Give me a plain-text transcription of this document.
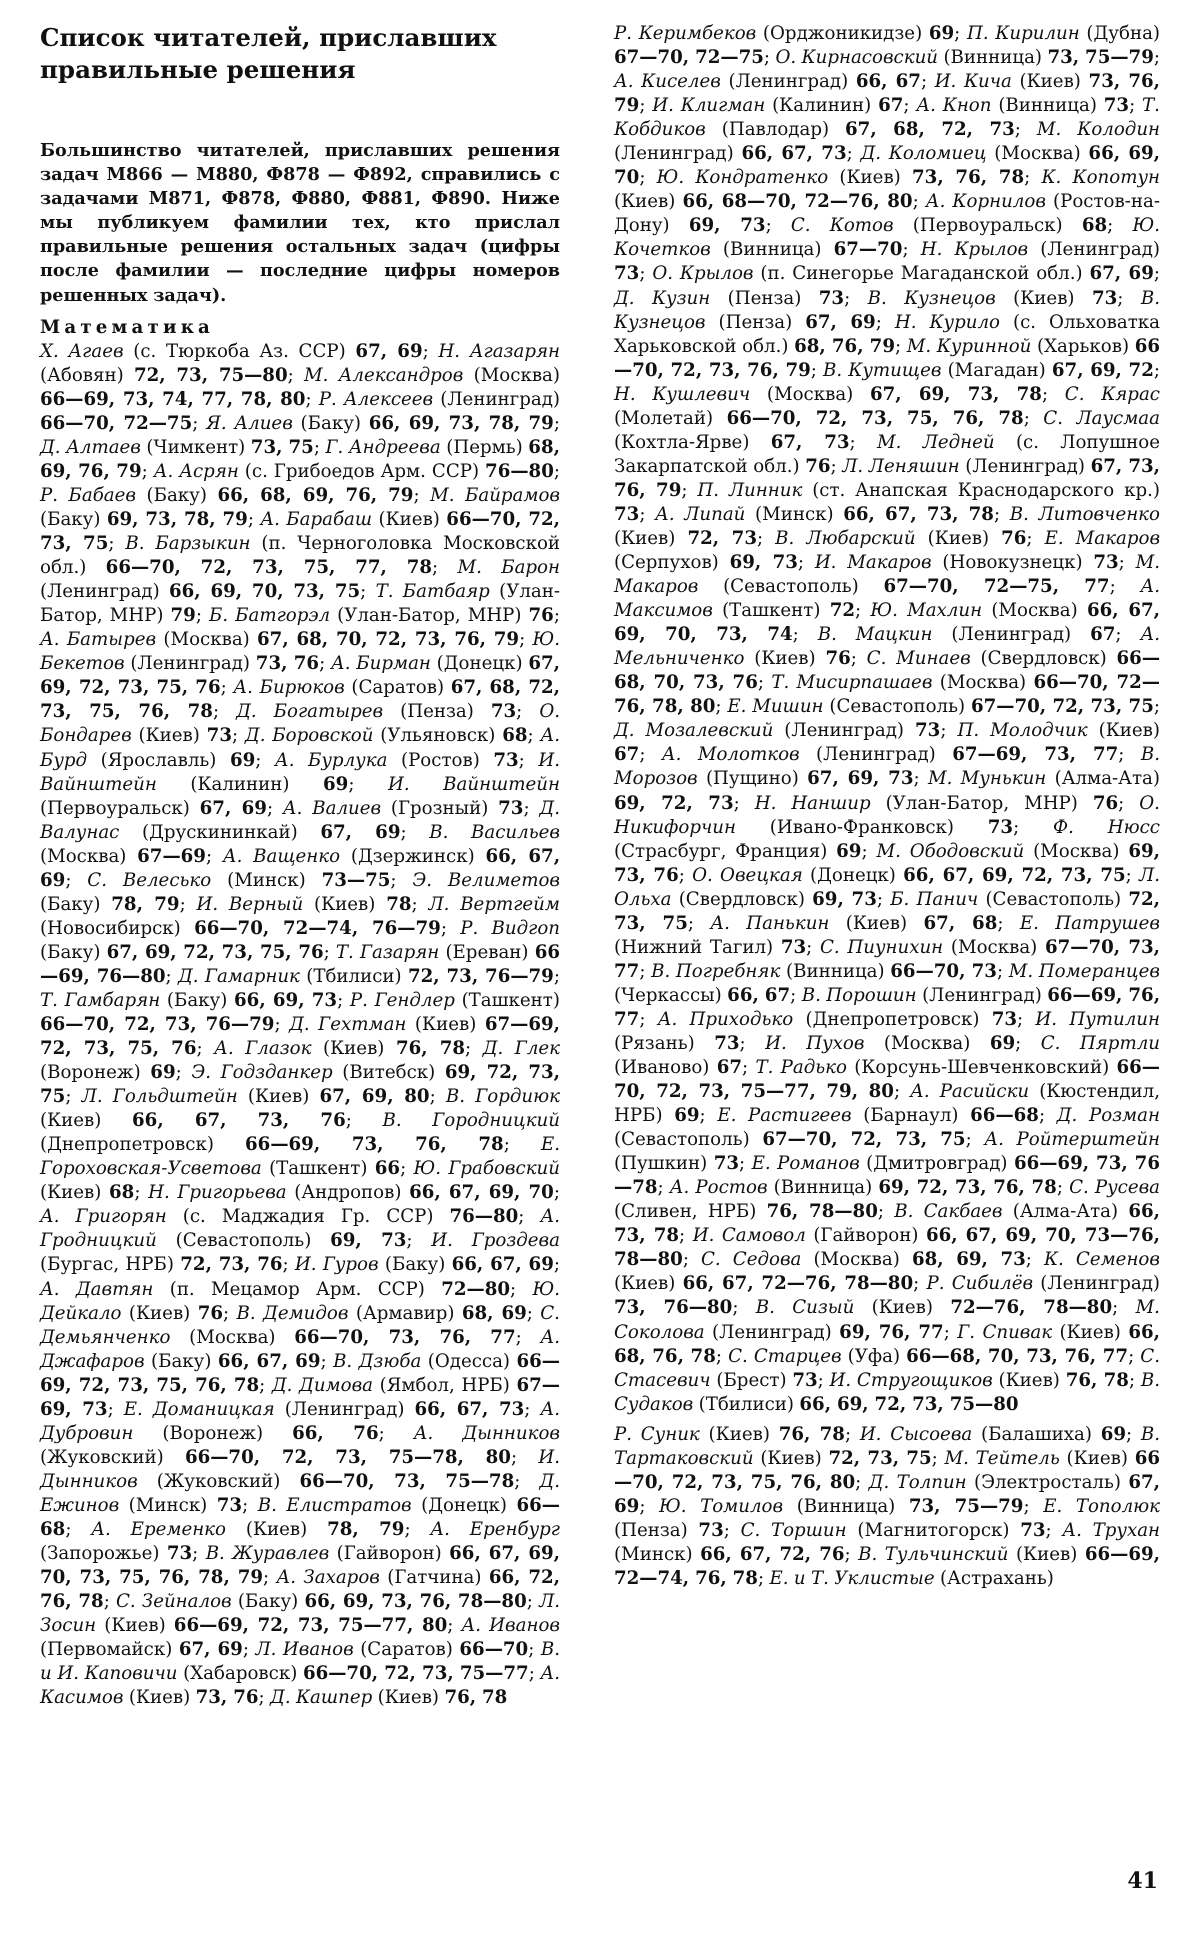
Список читателей, приславших правильные решения

Большинство читателей, приславших решения задач М866 — М880, Ф878 — Ф892, справились с задачами М871, Ф878, Ф880, Ф881, Ф890. Ниже мы публикуем фамилии тех, кто прислал правильные решения остальных задач (цифры после фамилии — последние цифры номеров решенных задач).

Математика
Х. Агаев (с. Тюркоба Аз. ССР) 67, 69; Н. Агазарян (Абовян) 72, 73, 75—80; М. Александров (Москва) 66—69, 73, 74, 77, 78, 80; Р. Алексеев (Ленинград) 66—70, 72—75; Я. Алиев (Баку) 66, 69, 73, 78, 79; Д. Алтаев (Чимкент) 73, 75; Г. Андреева (Пермь) 68, 69, 76, 79; А. Асрян (с. Грибоедов Арм. ССР) 76—80; Р. Бабаев (Баку) 66, 68, 69, 76, 79; М. Байрамов (Баку) 69, 73, 78, 79; А. Барабаш (Киев) 66—70, 72, 73, 75; В. Барзыкин (п. Черноголовка Московской обл.) 66—70, 72, 73, 75, 77, 78; М. Барон (Ленинград) 66, 69, 70, 73, 75; Т. Батбаяр (Улан-Батор, МНР) 79; Б. Батгорэл (Улан-Батор, МНР) 76; А. Батырев (Москва) 67, 68, 70, 72, 73, 76, 79; Ю. Бекетов (Ленинград) 73, 76; А. Бирман (Донецк) 67, 69, 72, 73, 75, 76; А. Бирюков (Саратов) 67, 68, 72, 73, 75, 76, 78; Д. Богатырев (Пенза) 73; О. Бондарев (Киев) 73; Д. Боровской (Ульяновск) 68; А. Бурд (Ярославль) 69; А. Бурлука (Ростов) 73; И. Вайнштейн (Калинин) 69; И. Вайнштейн (Первоуральск) 67, 69; А. Валиев (Грозный) 73; Д. Валунас (Друскининкай) 67, 69; В. Васильев (Москва) 67—69; А. Ващенко (Дзержинск) 66, 67, 69; С. Велесько (Минск) 73—75; Э. Велиметов (Баку) 78, 79; И. Верный (Киев) 78; Л. Вертгейм (Новосибирск) 66—70, 72—74, 76—79; Р. Видгоп (Баку) 67, 69, 72, 73, 75, 76; Т. Газарян (Ереван) 66—69, 76—80; Д. Гамарник (Тбилиси) 72, 73, 76—79; Т. Гамбарян (Баку) 66, 69, 73; Р. Гендлер (Ташкент) 66—70, 72, 73, 76—79; Д. Гехтман (Киев) 67—69, 72, 73, 75, 76; А. Глазок (Киев) 76, 78; Д. Глек (Воронеж) 69; Э. Годзданкер (Витебск) 69, 72, 73, 75; Л. Гольдштейн (Киев) 67, 69, 80; В. Гордиюк (Киев) 66, 67, 73, 76; В. Городницкий (Днепропетровск) 66—69, 73, 76, 78; Е. Гороховская-Усветова (Ташкент) 66; Ю. Грабовский (Киев) 68; Н. Григорьева (Андропов) 66, 67, 69, 70; А. Григорян (с. Маджадия Гр. ССР) 76—80; А. Гродницкий (Севастополь) 69, 73; И. Гроздева (Бургас, НРБ) 72, 73, 76; И. Гуров (Баку) 66, 67, 69; А. Давтян (п. Мецамор Арм. ССР) 72—80; Ю. Дейкало (Киев) 76; В. Демидов (Армавир) 68, 69; С. Демьянченко (Москва) 66—70, 73, 76, 77; А. Джафаров (Баку) 66, 67, 69; В. Дзюба (Одесса) 66—69, 72, 73, 75, 76, 78; Д. Димова (Ямбол, НРБ) 67—69, 73; Е. Доманицкая (Ленинград) 66, 67, 73; А. Дубровин (Воронеж) 66, 76; А. Дынников (Жуковский) 66—70, 72, 73, 75—78, 80; И. Дынников (Жуковский) 66—70, 73, 75—78; Д. Ежинов (Минск) 73; В. Елистратов (Донецк) 66—68; А. Еременко (Киев) 78, 79; А. Еренбург (Запорожье) 73; В. Журавлев (Гайворон) 66, 67, 69, 70, 73, 75, 76, 78, 79; А. Захаров (Гатчина) 66, 72, 76, 78; С. Зейналов (Баку) 66, 69, 73, 76, 78—80; Л. Зосин (Киев) 66—69, 72, 73, 75—77, 80; А. Иванов (Первомайск) 67, 69; Л. Иванов (Саратов) 66—70; В. и И. Каповичи (Хабаровск) 66—70, 72, 73, 75—77; А. Касимов (Киев) 73, 76; Д. Кашпер (Киев) 76, 78
Р. Керимбеков (Орджоникидзе) 69; П. Кирилин (Дубна) 67—70, 72—75; О. Кирнасовский (Винница) 73, 75—79; А. Киселев (Ленинград) 66, 67; И. Кича (Киев) 73, 76, 79; И. Клигман (Калинин) 67; А. Кноп (Винница) 73; Т. Кобдиков (Павлодар) 67, 68, 72, 73; М. Колодин (Ленинград) 66, 67, 73; Д. Коломиец (Москва) 66, 69, 70; Ю. Кондратенко (Киев) 73, 76, 78; К. Копотун (Киев) 66, 68—70, 72—76, 80; А. Корнилов (Ростов-на-Дону) 69, 73; С. Котов (Первоуральск) 68; Ю. Кочетков (Винница) 67—70; Н. Крылов (Ленинград) 73; О. Крылов (п. Синегорье Магаданской обл.) 67, 69; Д. Кузин (Пенза) 73; В. Кузнецов (Киев) 73; В. Кузнецов (Пенза) 67, 69; Н. Курило (с. Ольховатка Харьковской обл.) 68, 76, 79; М. Куринной (Харьков) 66—70, 72, 73, 76, 79; В. Кутищев (Магадан) 67, 69, 72; Н. Кушлевич (Москва) 67, 69, 73, 78; С. Кярас (Молетай) 66—70, 72, 73, 75, 76, 78; С. Лаусмаа (Кохтла-Ярве) 67, 73; М. Ледней (с. Лопушное Закарпатской обл.) 76; Л. Леняшин (Ленинград) 67, 73, 76, 79; П. Линник (ст. Анапская Краснодарского кр.) 73; А. Липай (Минск) 66, 67, 73, 78; В. Литовченко (Киев) 72, 73; В. Любарский (Киев) 76; Е. Макаров (Серпухов) 69, 73; И. Макаров (Новокузнецк) 73; М. Макаров (Севастополь) 67—70, 72—75, 77; А. Максимов (Ташкент) 72; Ю. Махлин (Москва) 66, 67, 69, 70, 73, 74; В. Мацкин (Ленинград) 67; А. Мельниченко (Киев) 76; С. Минаев (Свердловск) 66—68, 70, 73, 76; Т. Мисирпашаев (Москва) 66—70, 72—76, 78, 80; Е. Мишин (Севастополь) 67—70, 72, 73, 75; Д. Мозалевский (Ленинград) 73; П. Молодчик (Киев) 67; А. Молотков (Ленинград) 67—69, 73, 77; В. Морозов (Пущино) 67, 69, 73; М. Мунькин (Алма-Ата) 69, 72, 73; Н. Наншир (Улан-Батор, МНР) 76; О. Никифорчин (Ивано-Франковск) 73; Ф. Нюсс (Страсбург, Франция) 69; М. Ободовский (Москва) 69, 73, 76; О. Овецкая (Донецк) 66, 67, 69, 72, 73, 75; Л. Ольха (Свердловск) 69, 73; Б. Панич (Севастополь) 72, 73, 75; А. Панькин (Киев) 67, 68; Е. Патрушев (Нижний Тагил) 73; С. Пиунихин (Москва) 67—70, 73, 77; В. Погребняк (Винница) 66—70, 73; М. Померанцев (Черкассы) 66, 67; В. Порошин (Ленинград) 66—69, 76, 77; А. Приходько (Днепропетровск) 73; И. Путилин (Рязань) 73; И. Пухов (Москва) 69; С. Пяртли (Иваново) 67; Т. Радько (Корсунь-Шевченковский) 66—70, 72, 73, 75—77, 79, 80; А. Расийски (Кюстендил, НРБ) 69; Е. Растигеев (Барнаул) 66—68; Д. Розман (Севастополь) 67—70, 72, 73, 75; А. Ройтерштейн (Пушкин) 73; Е. Романов (Дмитровград) 66—69, 73, 76—78; А. Ростов (Винница) 69, 72, 73, 76, 78; С. Русева (Сливен, НРБ) 76, 78—80; В. Сакбаев (Алма-Ата) 66, 73, 78; И. Самовол (Гайворон) 66, 67, 69, 70, 73—76, 78—80; С. Седова (Москва) 68, 69, 73; К. Семенов (Киев) 66, 67, 72—76, 78—80; Р. Сибилёв (Ленинград) 73, 76—80; В. Сизый (Киев) 72—76, 78—80; М. Соколова (Ленинград) 69, 76, 77; Г. Спивак (Киев) 66, 68, 76, 78; С. Старцев (Уфа) 66—68, 70, 73, 76, 77; С. Стасевич (Брест) 73; И. Стругощиков (Киев) 76, 78; В. Судаков (Тбилиси) 66, 69, 72, 73, 75—80
Р. Суник (Киев) 76, 78; И. Сысоева (Балашиха) 69; В. Тартаковский (Киев) 72, 73, 75; М. Тейтель (Киев) 66—70, 72, 73, 75, 76, 80; Д. Толпин (Электросталь) 67, 69; Ю. Томилов (Винница) 73, 75—79; Е. Тополюк (Пенза) 73; С. Торшин (Магнитогорск) 73; А. Трухан (Минск) 66, 67, 72, 76; В. Тульчинский (Киев) 66—69, 72—74, 76, 78; Е. и Т. Уклистые (Астрахань)
41
